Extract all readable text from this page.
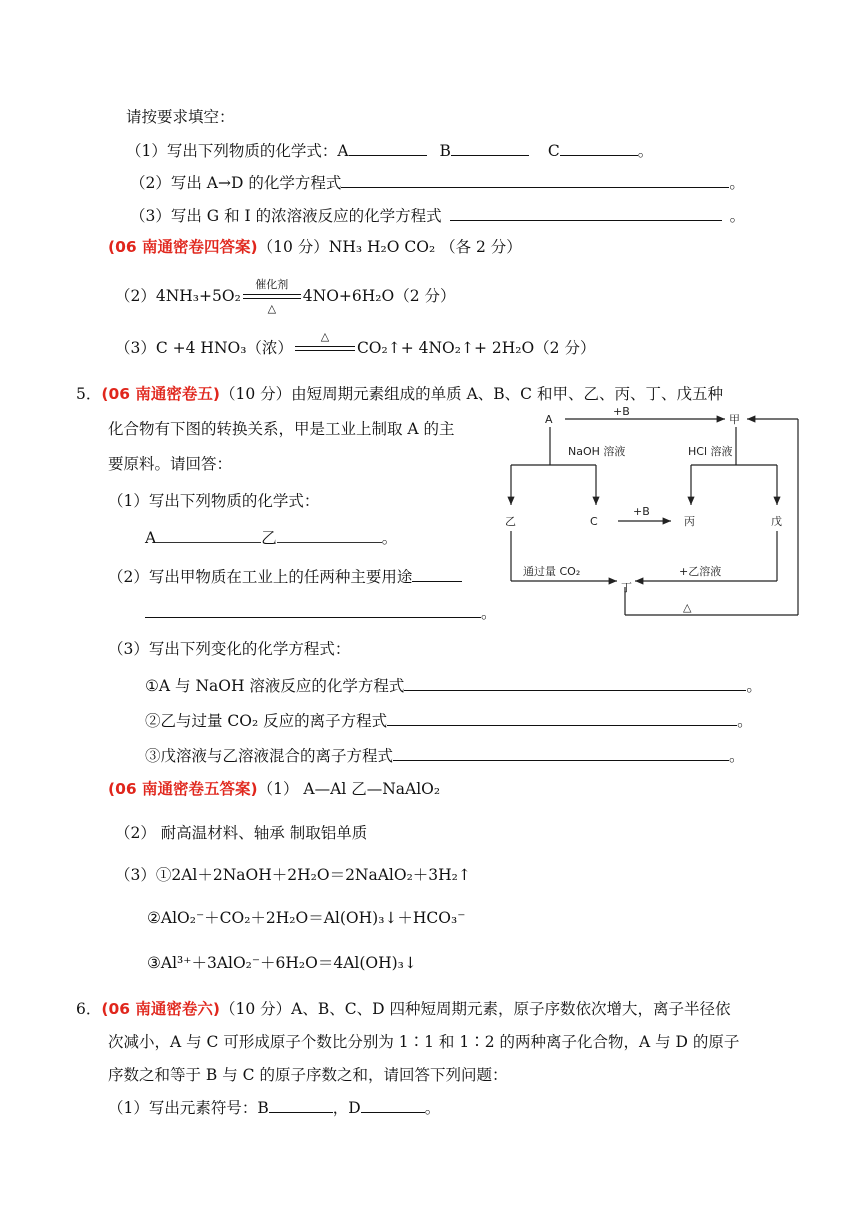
请按要求填空：
（1）写出下列物质的化学式：A	B	C	。
（2）写出 A→D 的化学方程式	。
（3）写出 G 和 I 的浓溶液反应的化学方程式	。
(06 南通密卷四答案)（10 分）NH₃ H₂O CO₂ （各 2 分）
（2）4NH₃+5O₂
催化剂
△
4NO+6H₂O（2 分）
（3）C +4 HNO₃（浓）
△
CO₂↑+ 4NO₂↑+ 2H₂O（2 分）
5．(06 南通密卷五)（10 分）由短周期元素组成的单质 A、B、C 和甲、乙、丙、丁、戊五种
化合物有下图的转换关系，甲是工业上制取 A 的主
要原料。请回答：
（1）写出下列物质的化学式：
A	乙	。
（2）写出甲物质在工业上的任两种主要用途
。
（3）写出下列变化的化学方程式：
①A 与 NaOH 溶液反应的化学方程式	。
②乙与过量 CO₂ 反应的离子方程式	。
③戊溶液与乙溶液混合的离子方程式	。
(06 南通密卷五答案)（1） A—Al 乙—NaAlO₂
（2） 耐高温材料、轴承 制取铝单质
（3）①2Al＋2NaOH＋2H₂O＝2NaAlO₂＋3H₂↑
②AlO₂⁻＋CO₂＋2H₂O＝Al(OH)₃↓＋HCO₃⁻
③Al³⁺＋3AlO₂⁻＋6H₂O＝4Al(OH)₃↓
A	甲
+B
NaOH 溶液	HCl 溶液
乙	C
+B
丙	戊
通过量 CO₂	+乙溶液
丁
△
6．(06 南通密卷六)（10 分）A、B、C、D 四种短周期元素，原子序数依次增大，离子半径依
次减小，A 与 C 可形成原子个数比分别为 1∶1 和 1∶2 的两种离子化合物，A 与 D 的原子
序数之和等于 B 与 C 的原子序数之和，请回答下列问题：
（1）写出元素符号：B	，D	。
